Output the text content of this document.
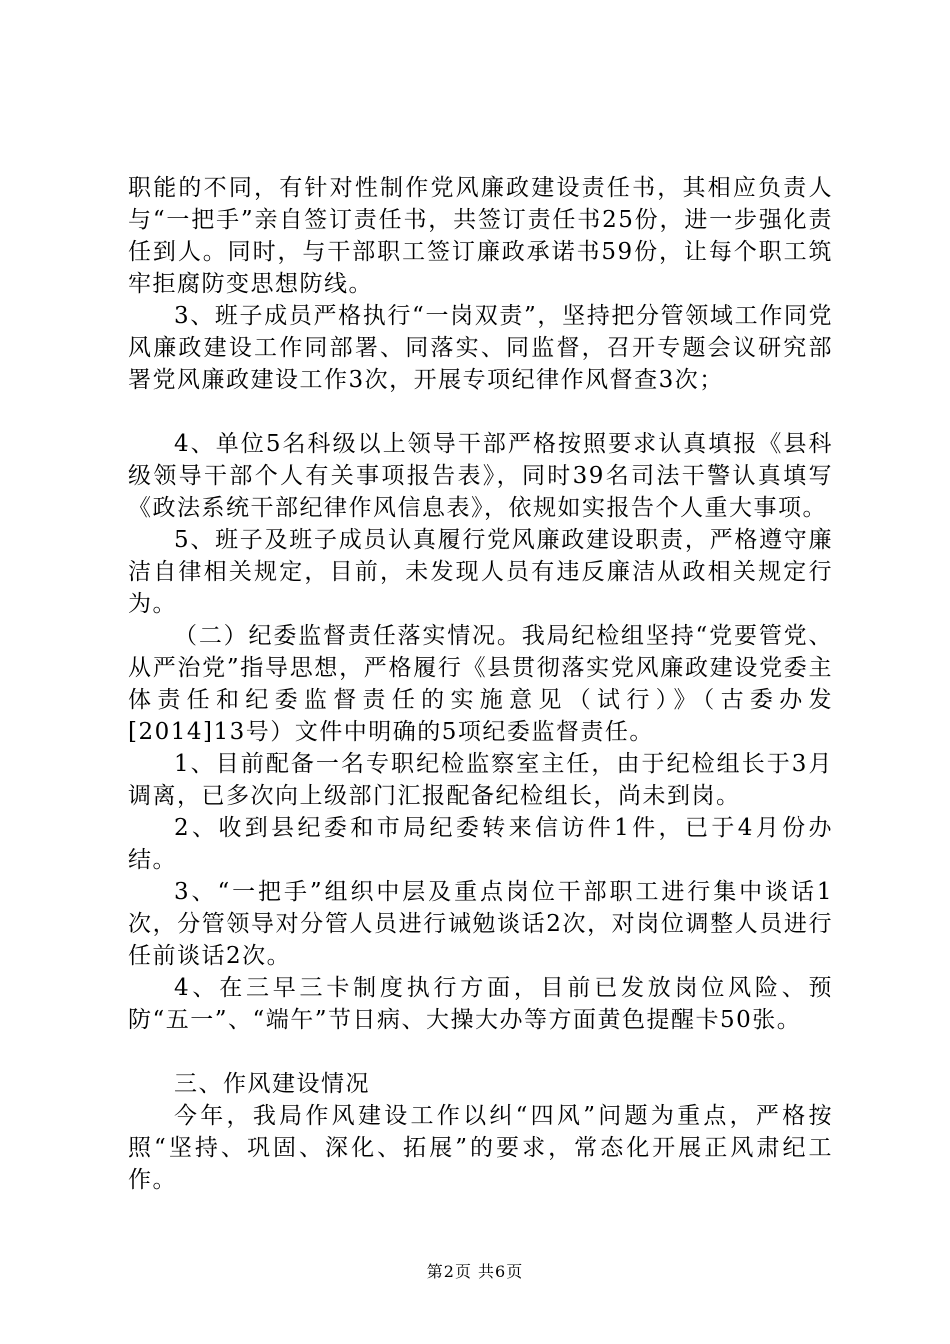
职能的不同，有针对性制作党风廉政建设责任书，其相应负责人与“一把手”亲自签订责任书，共签订责任书25份，进一步强化责任到人。同时，与干部职工签订廉政承诺书59份，让每个职工筑牢拒腐防变思想防线。

3、班子成员严格执行“一岗双责”，坚持把分管领域工作同党风廉政建设工作同部署、同落实、同监督，召开专题会议研究部署党风廉政建设工作3次，开展专项纪律作风督查3次；

4、单位5名科级以上领导干部严格按照要求认真填报《县科级领导干部个人有关事项报告表》，同时39名司法干警认真填写《政法系统干部纪律作风信息表》，依规如实报告个人重大事项。

5、班子及班子成员认真履行党风廉政建设职责，严格遵守廉洁自律相关规定，目前，未发现人员有违反廉洁从政相关规定行为。

（二）纪委监督责任落实情况。我局纪检组坚持“党要管党、从严治党”指导思想，严格履行《县贯彻落实党风廉政建设党委主体责任和纪委监督责任的实施意见（试行）》（古委办发[2014]13号）文件中明确的5项纪委监督责任。

1、目前配备一名专职纪检监察室主任，由于纪检组长于3月调离，已多次向上级部门汇报配备纪检组长，尚未到岗。

2、收到县纪委和市局纪委转来信访件1件，已于4月份办结。

3、“一把手”组织中层及重点岗位干部职工进行集中谈话1次，分管领导对分管人员进行诫勉谈话2次，对岗位调整人员进行任前谈话2次。

4、在三早三卡制度执行方面，目前已发放岗位风险、预防“五一”、“端午”节日病、大操大办等方面黄色提醒卡50张。

三、作风建设情况

今年，我局作风建设工作以纠“四风”问题为重点，严格按照“坚持、巩固、深化、拓展”的要求，常态化开展正风肃纪工作。

第2页 共6页
